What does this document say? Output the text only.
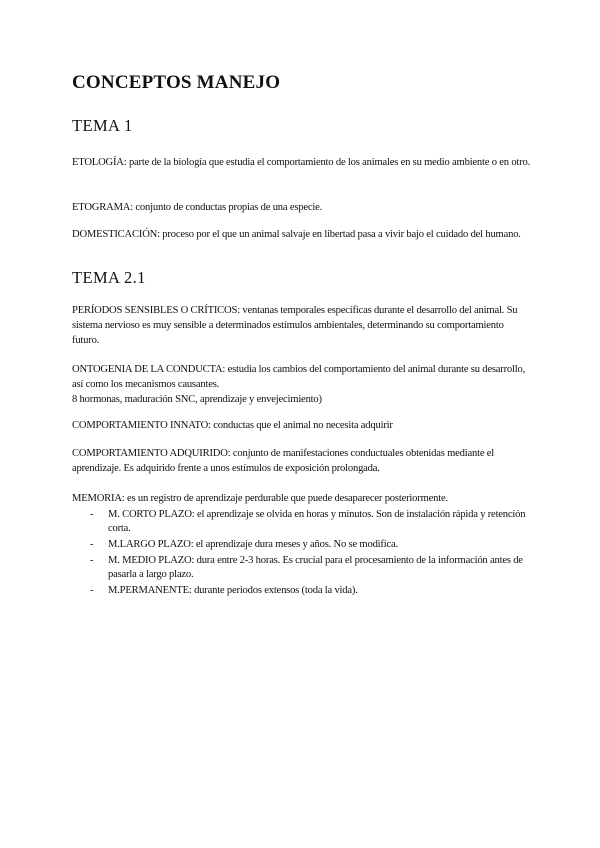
CONCEPTOS MANEJO
TEMA 1
ETOLOGÍA: parte de la biología que estudia el comportamiento de los animales en su medio ambiente o en otro.
ETOGRAMA: conjunto de conductas propias de una especie.
DOMESTICACIÓN: proceso por el que un animal salvaje en libertad pasa a vivir bajo el cuidado del humano.
TEMA 2.1
PERÍODOS SENSIBLES O CRÍTICOS: ventanas temporales específicas durante el desarrollo del animal. Su sistema nervioso es muy sensible a determinados estímulos ambientales, determinando su comportamiento futuro.
ONTOGENIA DE LA CONDUCTA: estudia los cambios del comportamiento del animal durante su desarrollo, así como los mecanismos causantes.
8 hormonas, maduración SNC, aprendizaje y envejecimiento)
COMPORTAMIENTO INNATO: conductas que el animal no necesita adquirir
COMPORTAMIENTO ADQUIRIDO: conjunto de manifestaciones conductuales obtenidas mediante el aprendizaje. Es adquirido frente a unos estímulos de exposición prolongada.
MEMORIA: es un registro de aprendizaje perdurable que puede desaparecer posteriormente.
- M. CORTO PLAZO: el aprendizaje se olvida en horas y minutos. Son de instalación rápida y retención corta.
- M.LARGO PLAZO: el aprendizaje dura meses y años. No se modifica.
- M. MEDIO PLAZO: dura entre 2-3 horas. Es crucial para el procesamiento de la información antes de pasarla a largo plazo.
- M.PERMANENTE: durante periodos extensos (toda la vida).
